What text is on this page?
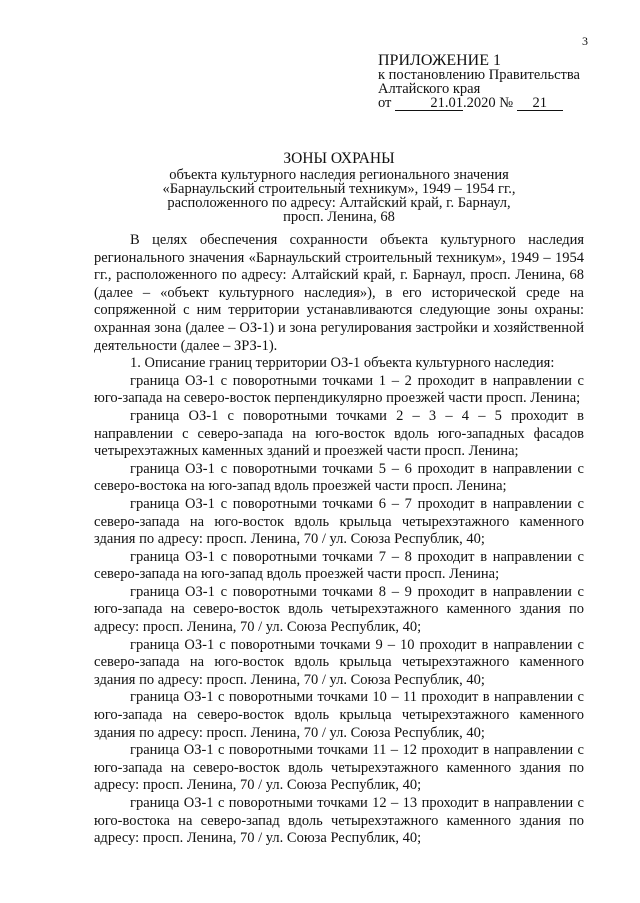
3
ПРИЛОЖЕНИЕ 1
к постановлению Правительства
Алтайского края
от	21.01.2020 № 21
ЗОНЫ ОХРАНЫ
объекта культурного наследия регионального значения
«Барнаульский строительный техникум», 1949 – 1954 гг.,
расположенного по адресу: Алтайский край, г. Барнаул,
просп. Ленина, 68

В целях обеспечения сохранности объекта культурного наследия регионального значения «Барнаульский строительный техникум», 1949 – 1954 гг., расположенного по адресу: Алтайский край, г. Барнаул, просп. Ленина, 68 (далее – «объект культурного наследия»), в его исторической среде на сопряженной с ним территории устанавливаются следующие зоны охраны: охранная зона (далее – ОЗ-1) и зона регулирования застройки и хозяйственной деятельности (далее – ЗРЗ-1).

1. Описание границ территории ОЗ-1 объекта культурного наследия:

граница ОЗ-1 с поворотными точками 1 – 2 проходит в направлении с юго-запада на северо-восток перпендикулярно проезжей части просп. Ленина;

граница ОЗ-1 с поворотными точками 2 – 3 – 4 – 5 проходит в направлении с северо-запада на юго-восток вдоль юго-западных фасадов четырехэтажных каменных зданий и проезжей части просп. Ленина;

граница ОЗ-1 с поворотными точками 5 – 6 проходит в направлении с северо-востока на юго-запад вдоль проезжей части просп. Ленина;

граница ОЗ-1 с поворотными точками 6 – 7 проходит в направлении с северо-запада на юго-восток вдоль крыльца четырехэтажного каменного здания по адресу: просп. Ленина, 70 / ул. Союза Республик, 40;

граница ОЗ-1 с поворотными точками 7 – 8 проходит в направлении с северо-запада на юго-запад вдоль проезжей части просп. Ленина;

граница ОЗ-1 с поворотными точками 8 – 9 проходит в направлении с юго-запада на северо-восток вдоль четырехэтажного каменного здания по адресу: просп. Ленина, 70 / ул. Союза Республик, 40;

граница ОЗ-1 с поворотными точками 9 – 10 проходит в направлении с северо-запада на юго-восток вдоль крыльца четырехэтажного каменного здания по адресу: просп. Ленина, 70 / ул. Союза Республик, 40;

граница ОЗ-1 с поворотными точками 10 – 11 проходит в направлении с юго-запада на северо-восток вдоль крыльца четырехэтажного каменного здания по адресу: просп. Ленина, 70 / ул. Союза Республик, 40;

граница ОЗ-1 с поворотными точками 11 – 12 проходит в направлении с юго-запада на северо-восток вдоль четырехэтажного каменного здания по адресу: просп. Ленина, 70 / ул. Союза Республик, 40;

граница ОЗ-1 с поворотными точками 12 – 13 проходит в направлении с юго-востока на северо-запад вдоль четырехэтажного каменного здания по адресу: просп. Ленина, 70 / ул. Союза Республик, 40;
